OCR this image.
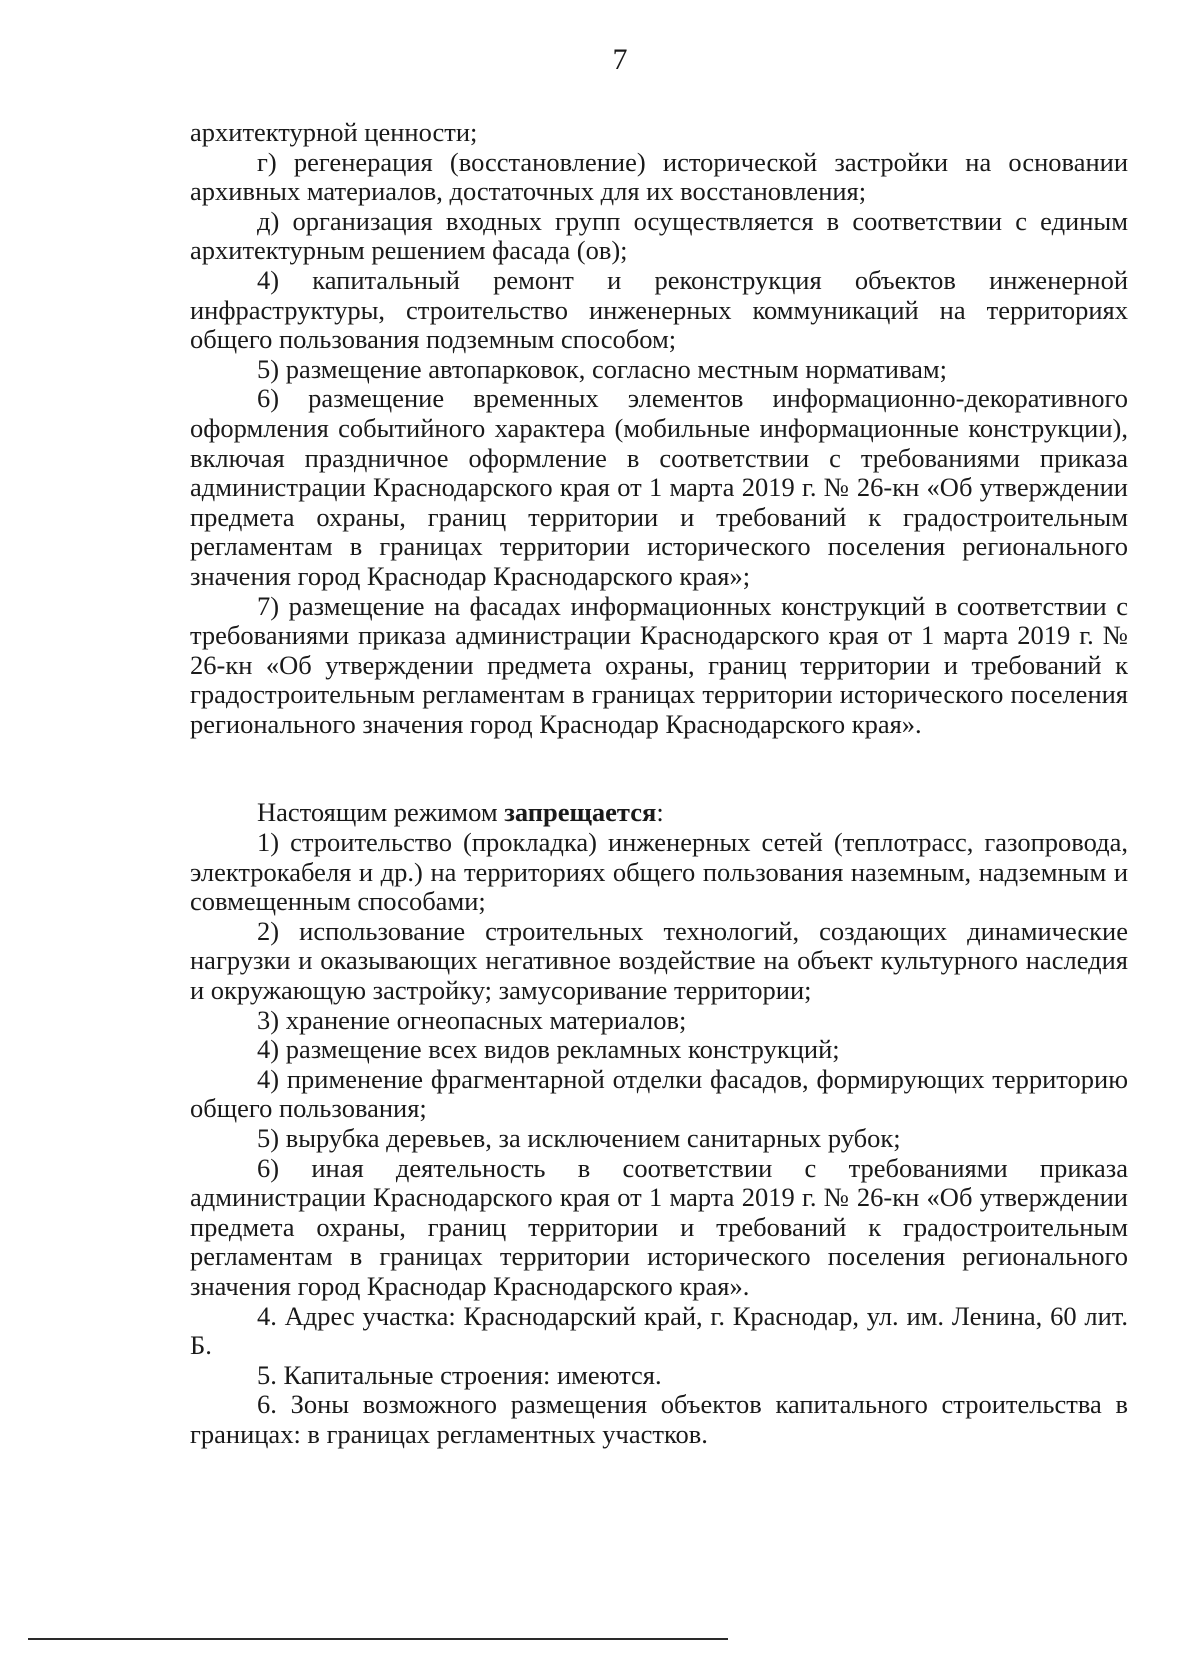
7

архитектурной ценности;

г) регенерация (восстановление) исторической застройки на основании архивных материалов, достаточных для их восстановления;

д) организация входных групп осуществляется в соответствии с единым архитектурным решением фасада (ов);

4) капитальный ремонт и реконструкция объектов инженерной инфраструктуры, строительство инженерных коммуникаций на территориях общего пользования подземным способом;

5) размещение автопарковок, согласно местным нормативам;

6) размещение временных элементов информационно-декоративного оформления событийного характера (мобильные информационные конструкции), включая праздничное оформление в соответствии с требованиями приказа администрации Краснодарского края от 1 марта 2019 г. № 26-кн «Об утверждении предмета охраны, границ территории и требований к градостроительным регламентам в границах территории исторического поселения регионального значения город Краснодар Краснодарского края»;

7) размещение на фасадах информационных конструкций в соответствии с требованиями приказа администрации Краснодарского края от 1 марта 2019 г. № 26-кн «Об утверждении предмета охраны, границ территории и требований к градостроительным регламентам в границах территории исторического поселения регионального значения город Краснодар Краснодарского края».

Настоящим режимом запрещается:

1) строительство (прокладка) инженерных сетей (теплотрасс, газопровода, электрокабеля и др.) на территориях общего пользования наземным, надземным и совмещенным способами;

2) использование строительных технологий, создающих динамические нагрузки и оказывающих негативное воздействие на объект культурного наследия и окружающую застройку; замусоривание территории;

3) хранение огнеопасных материалов;

4) размещение всех видов рекламных конструкций;

4) применение фрагментарной отделки фасадов, формирующих территорию общего пользования;

5) вырубка деревьев, за исключением санитарных рубок;

6) иная деятельность в соответствии с требованиями приказа администрации Краснодарского края от 1 марта 2019 г. № 26-кн «Об утверждении предмета охраны, границ территории и требований к градостроительным регламентам в границах территории исторического поселения регионального значения город Краснодар Краснодарского края».

4. Адрес участка: Краснодарский край, г. Краснодар, ул. им. Ленина, 60 лит. Б.

5. Капитальные строения: имеются.

6. Зоны возможного размещения объектов капитального строительства в границах: в границах регламентных участков.
